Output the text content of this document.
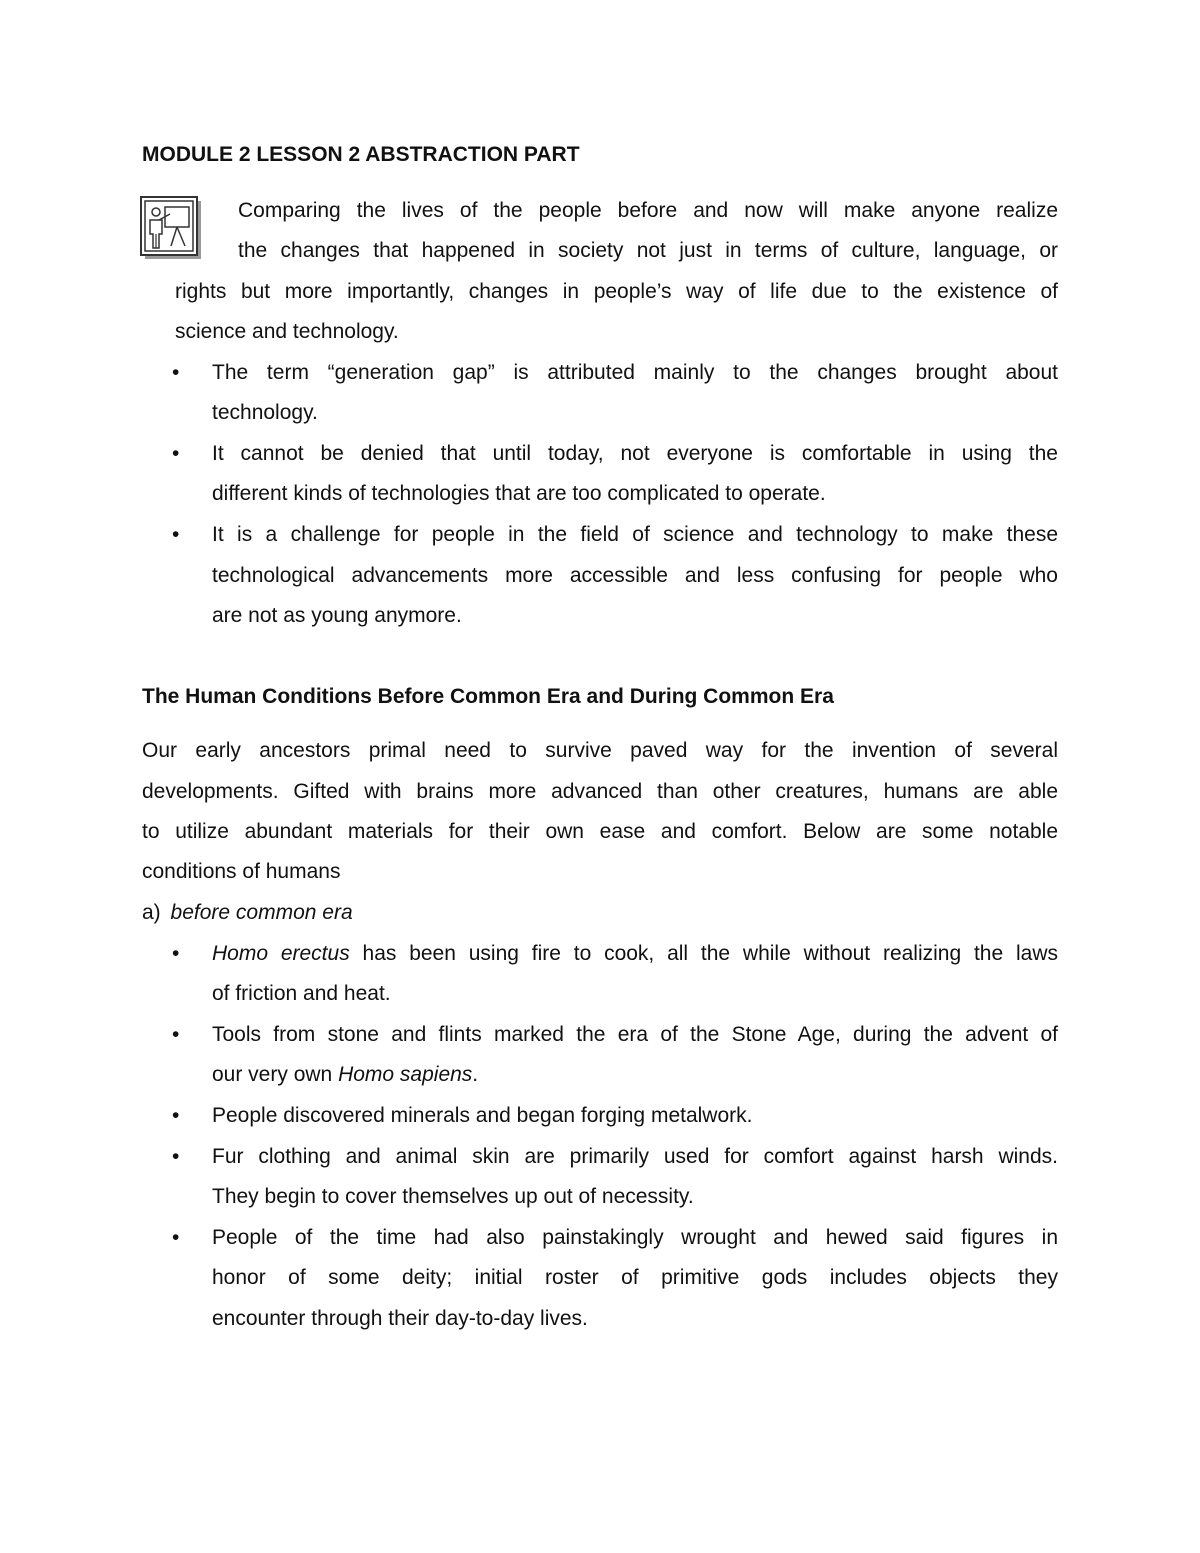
MODULE 2 LESSON 2 ABSTRACTION PART

Comparing the lives of the people before and now will make anyone realize

the changes that happened in society not just in terms of culture, language, or

rights but more importantly, changes in people’s way of life due to the existence of

science and technology.

• The term “generation gap” is attributed mainly to the changes brought about

technology.

• It cannot be denied that until today, not everyone is comfortable in using the

different kinds of technologies that are too complicated to operate.

• It is a challenge for people in the field of science and technology to make these

technological advancements more accessible and less confusing for people who

are not as young anymore.

The Human Conditions Before Common Era and During Common Era

Our early ancestors primal need to survive paved way for the invention of several

developments. Gifted with brains more advanced than other creatures, humans are able

to utilize abundant materials for their own ease and comfort. Below are some notable

conditions of humans

a) before common era

• Homo erectus has been using fire to cook, all the while without realizing the laws

of friction and heat.

• Tools from stone and flints marked the era of the Stone Age, during the advent of

our very own Homo sapiens.

• People discovered minerals and began forging metalwork.

• Fur clothing and animal skin are primarily used for comfort against harsh winds.

They begin to cover themselves up out of necessity.

• People of the time had also painstakingly wrought and hewed said figures in

honor of some deity; initial roster of primitive gods includes objects they

encounter through their day-to-day lives.
